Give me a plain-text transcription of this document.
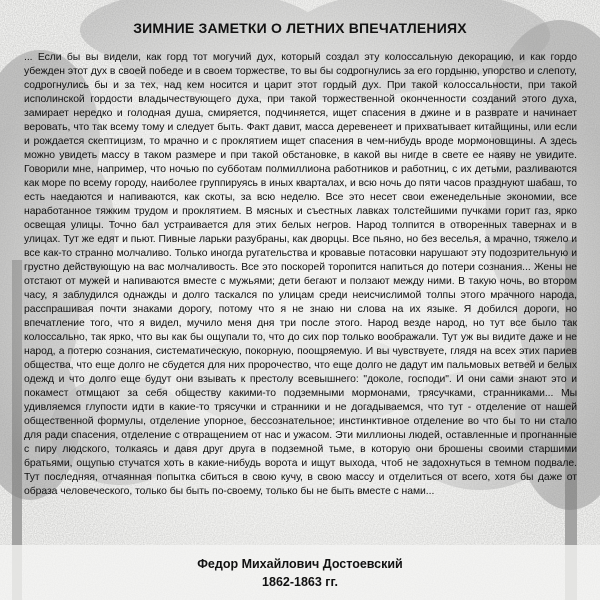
ЗИМНИЕ ЗАМЕТКИ О ЛЕТНИХ ВПЕЧАТЛЕНИЯХ
... Если бы вы видели, как горд тот могучий дух, который создал эту колоссальную декорацию, и как гордо убежден этот дух в своей победе и в своем торжестве, то вы бы содрогнулись за его гордыню, упорство и слепоту, содрогнулись бы и за тех, над кем носится и царит этот гордый дух. При такой колоссальности, при такой исполинской гордости владычествующего духа, при такой торжественной оконченности созданий этого духа, замирает нередко и голодная душа, смиряется, подчиняется, ищет спасения в джине и в разврате и начинает веровать, что так всему тому и следует быть. Факт давит, масса деревенеет и прихватывает китайщины, или если и рождается скептицизм, то мрачно и с проклятием ищет спасения в чем-нибудь вроде мормоновщины. А здесь можно увидеть массу в таком размере и при такой обстановке, в какой вы нигде в свете ее наяву не увидите. Говорили мне, например, что ночью по субботам полмиллиона работников и работниц, с их детьми, разливаются как море по всему городу, наиболее группируясь в иных кварталах, и всю ночь до пяти часов празднуют шабаш, то есть наедаются и напиваются, как скоты, за всю неделю. Все это несет свои еженедельные экономии, все наработанное тяжким трудом и проклятием. В мясных и съестных лавках толстейшими пучками горит газ, ярко освещая улицы. Точно бал устраивается для этих белых негров. Народ толпится в отворенных тавернах и в улицах. Тут же едят и пьют. Пивные ларьки разубраны, как дворцы. Все пьяно, но без веселья, а мрачно, тяжело и все как-то странно молчаливо. Только иногда ругательства и кровавые потасовки нарушают эту подозрительную и грустно действующую на вас молчаливость. Все это поскорей торопится напиться до потери сознания... Жены не отстают от мужей и напиваются вместе с мужьями; дети бегают и ползают между ними. В такую ночь, во втором часу, я заблудился однажды и долго таскался по улицам среди неисчислимой толпы этого мрачного народа, расспрашивая почти знаками дорогу, потому что я не знаю ни слова на их языке. Я добился дороги, но впечатление того, что я видел, мучило меня дня три после этого. Народ везде народ, но тут все было так колоссально, так ярко, что вы как бы ощупали то, что до сих пор только воображали. Тут уж вы видите даже и не народ, а потерю сознания, систематическую, покорную, поощряемую. И вы чувствуете, глядя на всех этих париев общества, что еще долго не сбудется для них пророчество, что еще долго не дадут им пальмовых ветвей и белых одежд и что долго еще будут они взывать к престолу всевышнего: "доколе, господи". И они сами знают это и покамест отмщают за себя обществу какими-то подземными мормонами, трясучками, странниками... Мы удивляемся глупости идти в какие-то трясучки и странники и не догадываемся, что тут - отделение от нашей общественной формулы, отделение упорное, бессознательное; инстинктивное отделение во что бы то ни стало для ради спасения, отделение с отвращением от нас и ужасом. Эти миллионы людей, оставленные и прогнанные с пиру людского, толкаясь и давя друг друга в подземной тьме, в которую они брошены своими старшими братьями, ощупью стучатся хоть в какие-нибудь ворота и ищут выхода, чтоб не задохнуться в темном подвале. Тут последняя, отчаянная попытка сбиться в свою кучу, в свою массу и отделиться от всего, хотя бы даже от образа человеческого, только бы быть по-своему, только бы не быть вместе с нами...
Федор Михайлович Достоевский
1862-1863 гг.
